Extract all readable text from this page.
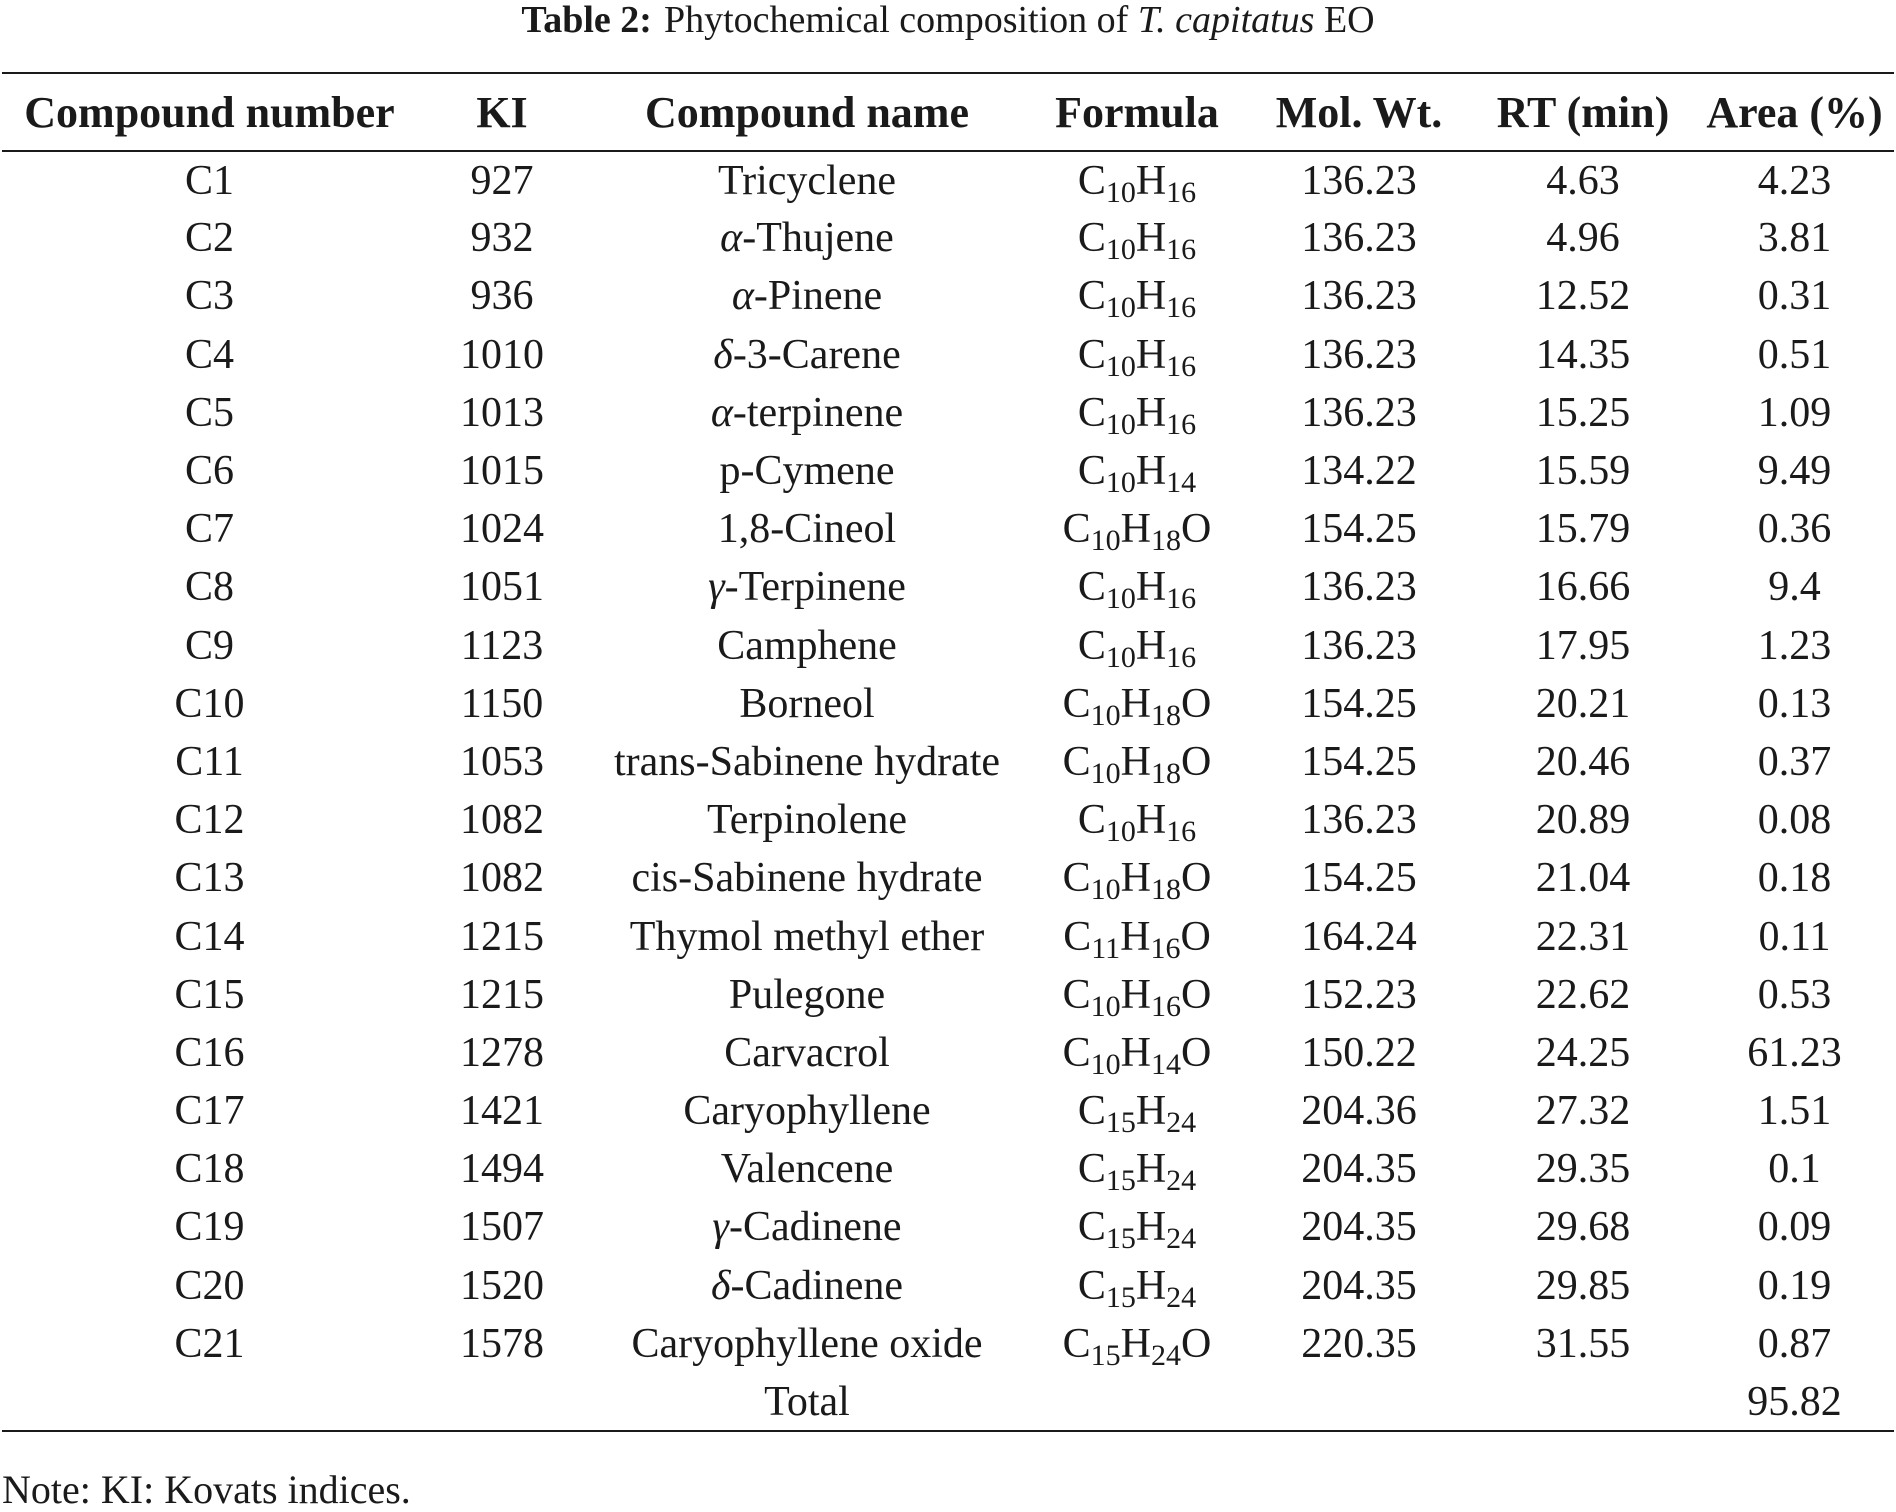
Table 2: Phytochemical composition of T. capitatus EO
Compound number	KI	Compound name	Formula	Mol. Wt.	RT (min)	Area (%)
C1	927	Tricyclene	$C_{10}H_{16}$	136.23	4.63	4.23
C2	932	α-Thujene	$C_{10}H_{16}$	136.23	4.96	3.81
C3	936	α-Pinene	$C_{10}H_{16}$	136.23	12.52	0.31
C4	1010	δ-3-Carene	$C_{10}H_{16}$	136.23	14.35	0.51
C5	1013	α-terpinene	$C_{10}H_{16}$	136.23	15.25	1.09
C6	1015	p-Cymene	$C_{10}H_{14}$	134.22	15.59	9.49
C7	1024	1,8-Cineol	$C_{10}H_{18}O$	154.25	15.79	0.36
C8	1051	γ-Terpinene	$C_{10}H_{16}$	136.23	16.66	9.4
C9	1123	Camphene	$C_{10}H_{16}$	136.23	17.95	1.23
C10	1150	Borneol	$C_{10}H_{18}O$	154.25	20.21	0.13
C11	1053	trans-Sabinene hydrate	$C_{10}H_{18}O$	154.25	20.46	0.37
C12	1082	Terpinolene	$C_{10}H_{16}$	136.23	20.89	0.08
C13	1082	cis-Sabinene hydrate	$C_{10}H_{18}O$	154.25	21.04	0.18
C14	1215	Thymol methyl ether	$C_{11}H_{16}O$	164.24	22.31	0.11
C15	1215	Pulegone	$C_{10}H_{16}O$	152.23	22.62	0.53
C16	1278	Carvacrol	$C_{10}H_{14}O$	150.22	24.25	61.23
C17	1421	Caryophyllene	$C_{15}H_{24}$	204.36	27.32	1.51
C18	1494	Valencene	$C_{15}H_{24}$	204.35	29.35	0.1
C19	1507	γ-Cadinene	$C_{15}H_{24}$	204.35	29.68	0.09
C20	1520	δ-Cadinene	$C_{15}H_{24}$	204.35	29.85	0.19
C21	1578	Caryophyllene oxide	$C_{15}H_{24}O$	220.35	31.55	0.87
		Total				95.82
Note: KI: Kovats indices.
